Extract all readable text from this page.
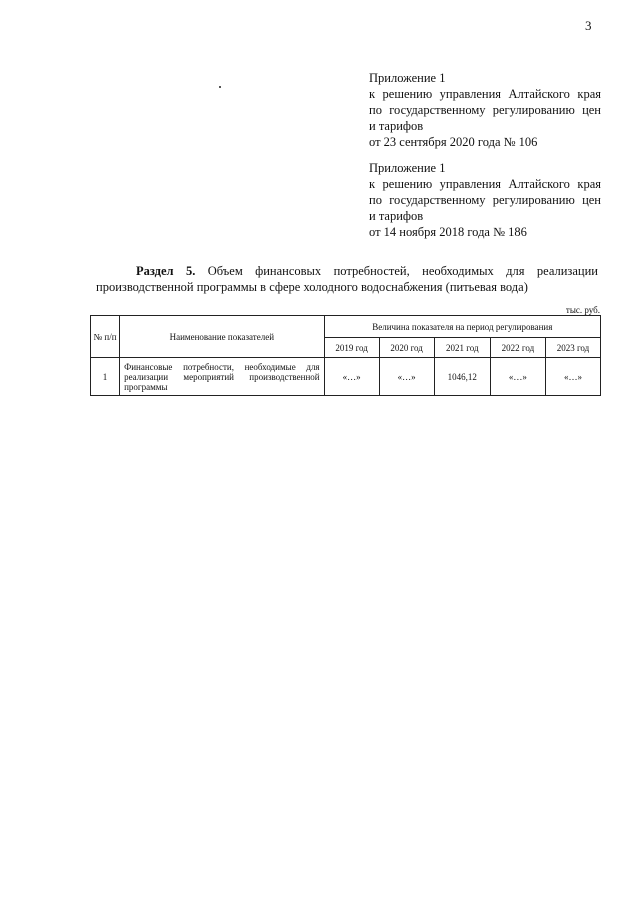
3
Приложение 1
к решению управления Алтайского края
по государственному регулированию цен
и тарифов
от 23 сентября 2020 года № 106
Приложение 1
к решению управления Алтайского края
по государственному регулированию цен
и тарифов
от 14 ноября 2018 года № 186
Раздел 5. Объем финансовых потребностей, необходимых для реализации
производственной программы в сфере холодного водоснабжения (питьевая вода)
тыс. руб.
№ п/п	Наименование показателей	Величина показателя на период регулирования				
		2019 год	2020 год	2021 год	2022 год	2023 год
1	Финансовые потребности, необходимые для реализации мероприятий производственной программы	«…»	«…»	1046,12	«…»	«…»
